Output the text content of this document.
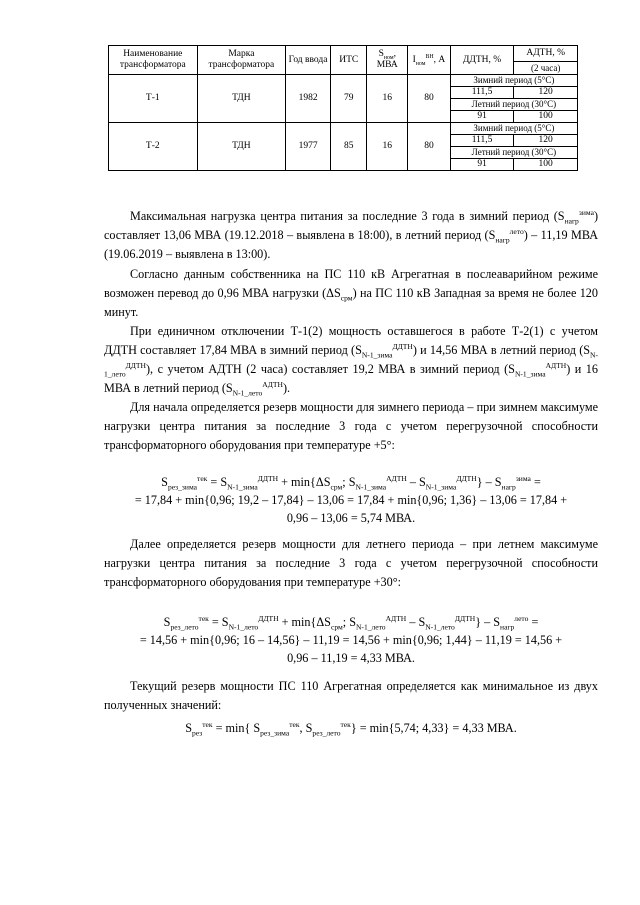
Наименование трансформатора	Марка трансформатора	Год ввода	ИТС	$S_{ном}$, МВА	$I_{ном}^{ВН}$, А	ДДТН, %	АДТН, %
							(2 часа)
Т-1	ТДН	1982	79	16	80	Зимний период (5°С)	
						111,5	120
						Летний период (30°С)	
						91	100
Т-2	ТДН	1977	85	16	80	Зимний период (5°С)	
						111,5	120
						Летний период (30°С)	
						91	100
Максимальная нагрузка центра питания за последние 3 года в зимний период $(S_{нагр}^{зима})$ составляет 13,06 МВА (19.12.2018 – выявлена в 18:00), в летний период $(S_{нагр}^{лето}) - 11,19$ МВА (19.06.2019 – выявлена в 13:00).
Согласно данным собственника на ПС 110 кВ Агрегатная в послеаварийном режиме возможен перевод до 0,96 МВА нагрузки $(\Delta S_{срм})$ на ПС 110 кВ Западная за время не более 120 минут.
При единичном отключении Т-1(2) мощность оставшегося в работе Т-2(1) с учетом ДДТН составляет 17,84 МВА в зимний период $(S_{N-1\_зима}^{ДДТН})$ и 14,56 МВА в летний период $(S_{N-1\_лето}^{ДДТН})$, с учетом АДТН (2 часа) составляет 19,2 МВА в зимний период $(S_{N-1\_зима}^{АДТН})$ и 16 МВА в летний период $(S_{N-1\_лето}^{АДТН})$.
Для начала определяется резерв мощности для зимнего периода – при зимнем максимуме нагрузки центра питания за последние 3 года с учетом перегрузочной способности трансформаторного оборудования при температуре +5°:
$S_{рез\_зима}^{тек} = S_{N-1\_зима}^{ДДТН} + \min\{\Delta S_{срм}$; $S_{N-1\_зима}^{АДТН} - S_{N-1\_зима}^{ДДТН}\} - S_{нагр}^{зима}$ =
= 17,84 + min{0,96; 19,2 – 17,84} – 13,06 = 17,84 + min{0,96; 1,36} – 13,06 = 17,84 +
0,96 – 13,06 = 5,74 МВА.
Далее определяется резерв мощности для летнего периода – при летнем максимуме нагрузки центра питания за последние 3 года с учетом перегрузочной способности трансформаторного оборудования при температуре +30°:
$S_{рез\_лето}^{тек} = S_{N-1\_лето}^{ДДТН} + \min\{\Delta S_{срм}$; $S_{N-1\_лето}^{АДТН} - S_{N-1\_лето}^{ДДТН}\} - S_{нагр}^{лето}$ =
= 14,56 + min{0,96; 16 – 14,56} – 11,19 = 14,56 + min{0,96; 1,44} – 11,19 = 14,56 +
0,96 – 11,19 = 4,33 МВА.
Текущий резерв мощности ПС 110 Агрегатная определяется как минимальное из двух полученных значений:
$S_{рез}^{тек} = \min${ $S_{рез\_зима}^{тек}$, $S_{рез\_лето}^{тек}\} = \min\{5,74$; 4,33} = 4,33 МВА.
